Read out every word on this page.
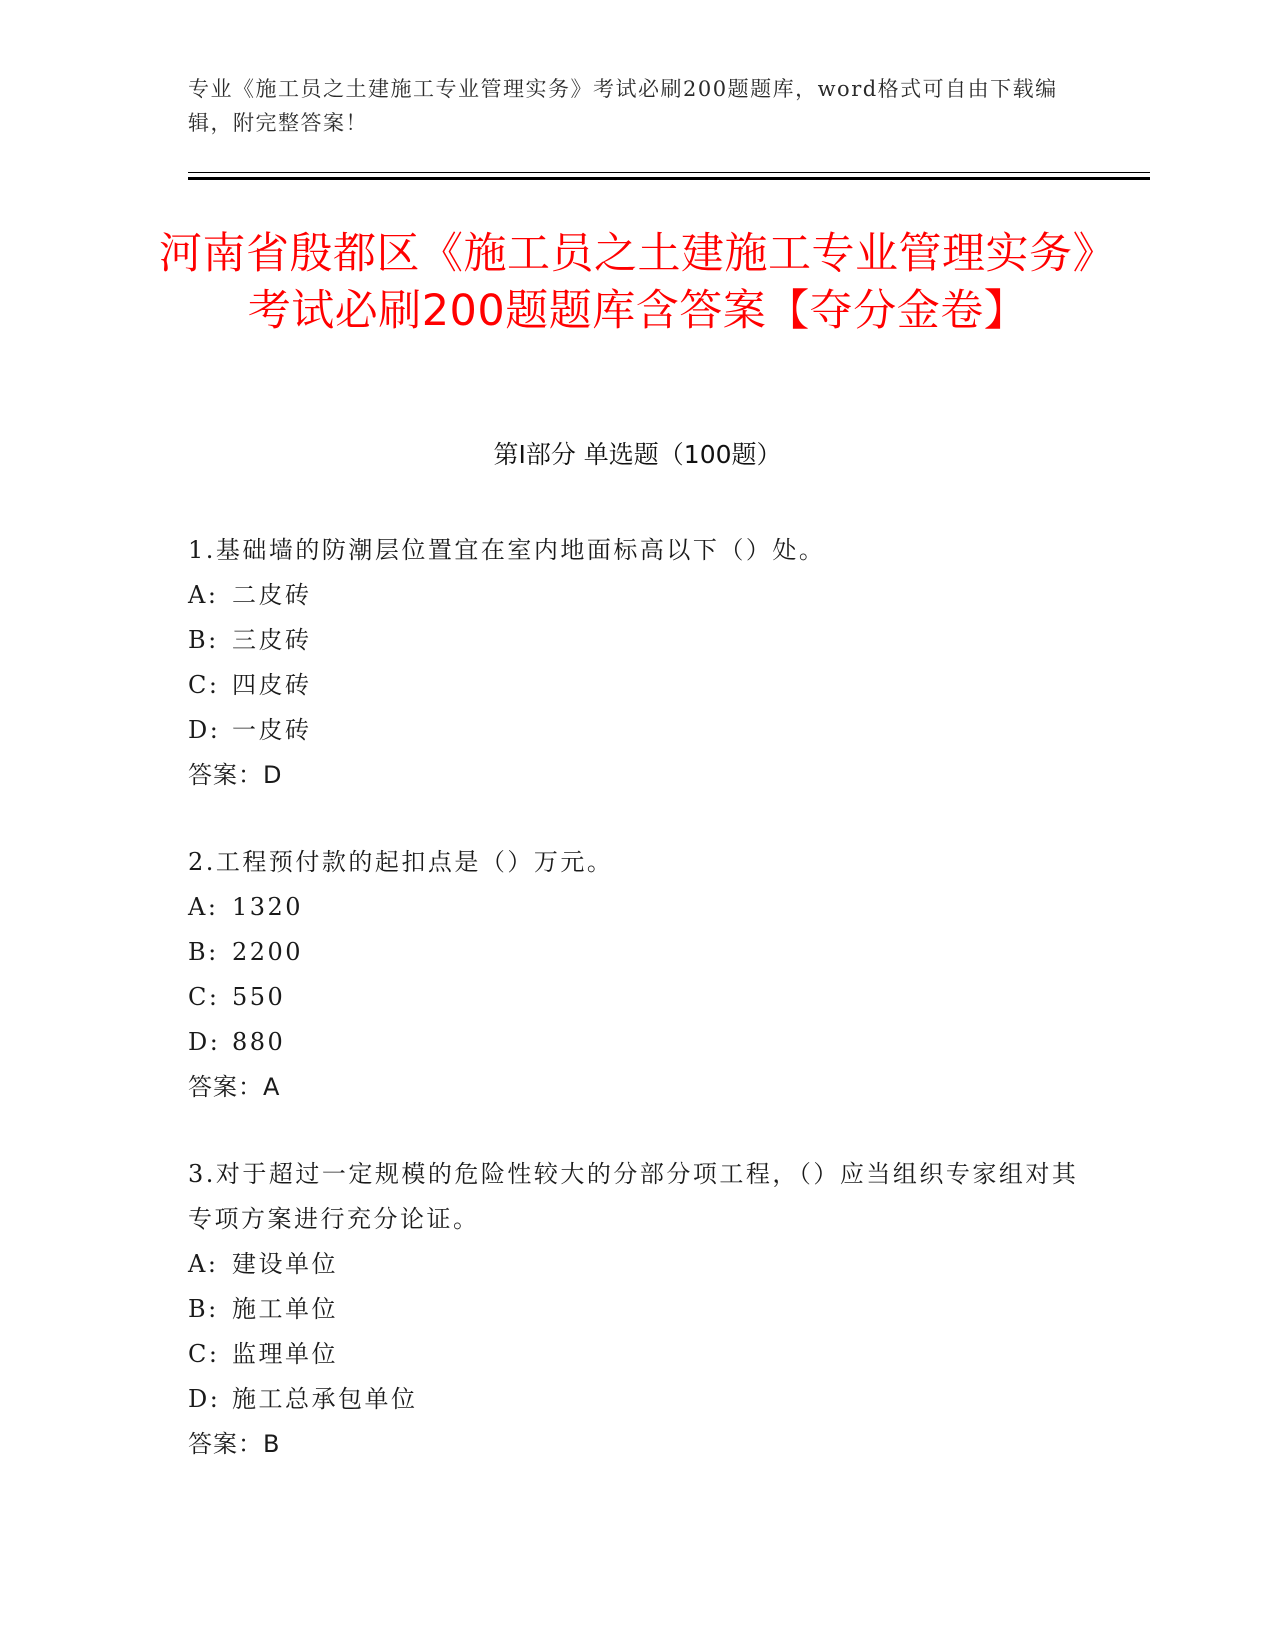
专业《施工员之土建施工专业管理实务》考试必刷200题题库，word格式可自由下载编辑，附完整答案！
河南省殷都区《施工员之土建施工专业管理实务》考试必刷200题题库含答案【夺分金卷】
第I部分 单选题（100题）
1.基础墙的防潮层位置宜在室内地面标高以下（）处。
A: 二皮砖
B: 三皮砖
C: 四皮砖
D: 一皮砖
答案：D
2.工程预付款的起扣点是（）万元。
A: 1320
B: 2200
C: 550
D: 880
答案：A
3.对于超过一定规模的危险性较大的分部分项工程，（）应当组织专家组对其专项方案进行充分论证。
A: 建设单位
B: 施工单位
C: 监理单位
D: 施工总承包单位
答案：B
